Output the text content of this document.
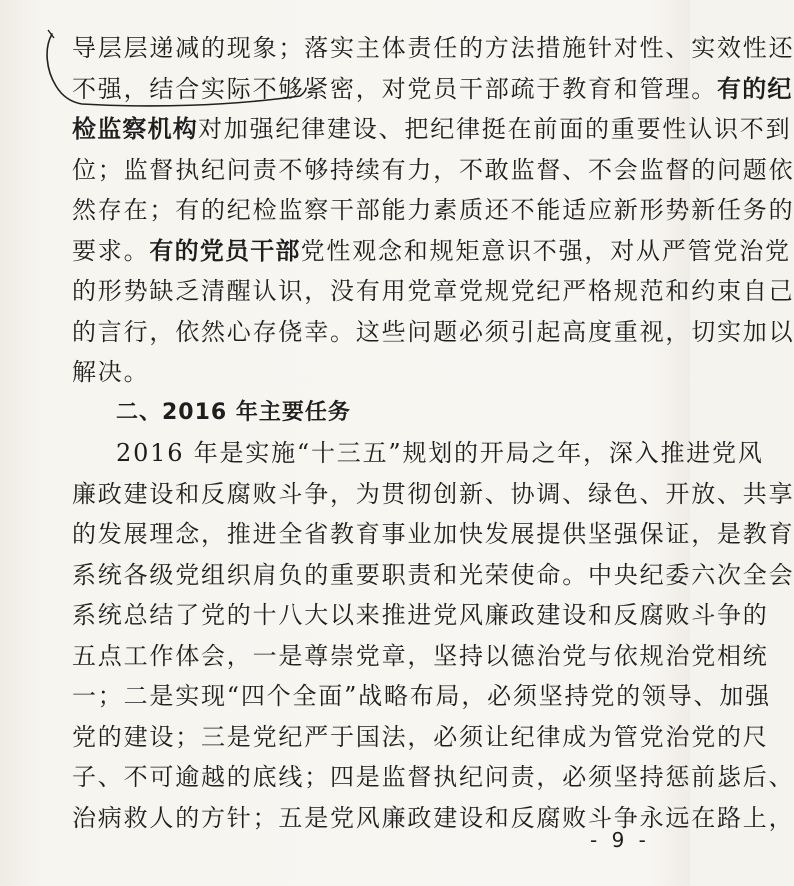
导层层递减的现象；落实主体责任的方法措施针对性、实效性还
不强，结合实际不够紧密，对党员干部疏于教育和管理。有的纪
检监察机构对加强纪律建设、把纪律挺在前面的重要性认识不到
位；监督执纪问责不够持续有力，不敢监督、不会监督的问题依
然存在；有的纪检监察干部能力素质还不能适应新形势新任务的
要求。有的党员干部党性观念和规矩意识不强，对从严管党治党
的形势缺乏清醒认识，没有用党章党规党纪严格规范和约束自己
的言行，依然心存侥幸。这些问题必须引起高度重视，切实加以
解决。
二、2016 年主要任务
2016 年是实施“十三五”规划的开局之年，深入推进党风
廉政建设和反腐败斗争，为贯彻创新、协调、绿色、开放、共享
的发展理念，推进全省教育事业加快发展提供坚强保证，是教育
系统各级党组织肩负的重要职责和光荣使命。中央纪委六次全会
系统总结了党的十八大以来推进党风廉政建设和反腐败斗争的
五点工作体会，一是尊崇党章，坚持以德治党与依规治党相统
一；二是实现“四个全面”战略布局，必须坚持党的领导、加强
党的建设；三是党纪严于国法，必须让纪律成为管党治党的尺
子、不可逾越的底线；四是监督执纪问责，必须坚持惩前毖后、
治病救人的方针；五是党风廉政建设和反腐败斗争永远在路上，
- 9 -
